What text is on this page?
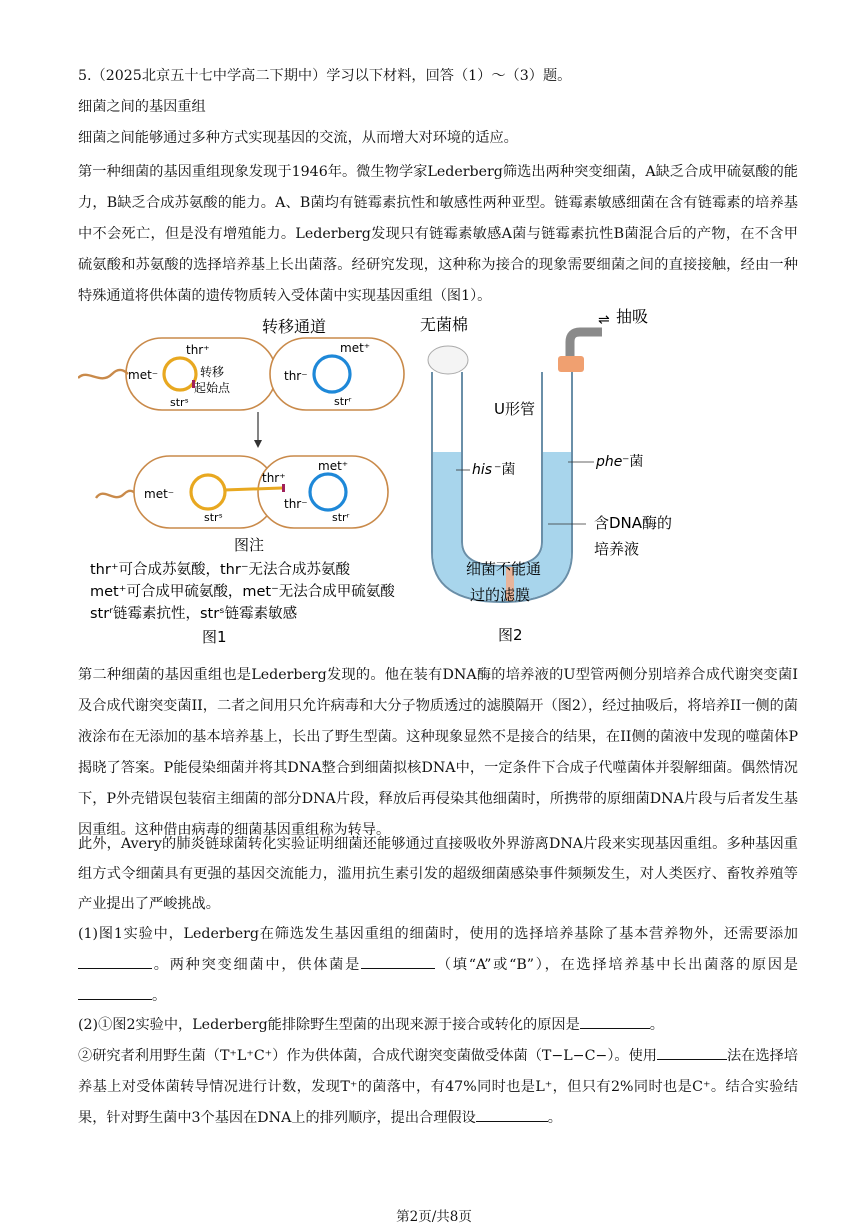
5.（2025北京五十七中学高二下期中）学习以下材料，回答（1）～（3）题。

细菌之间的基因重组

细菌之间能够通过多种方式实现基因的交流，从而增大对环境的适应。

第一种细菌的基因重组现象发现于1946年。微生物学家Lederberg筛选出两种突变细菌，A缺乏合成甲硫氨酸的能力，B缺乏合成苏氨酸的能力。A、B菌均有链霉素抗性和敏感性两种亚型。链霉素敏感细菌在含有链霉素的培养基中不会死亡，但是没有增殖能力。Lederberg发现只有链霉素敏感A菌与链霉素抗性B菌混合后的产物，在不含甲硫氨酸和苏氨酸的选择培养基上长出菌落。经研究发现，这种称为接合的现象需要细菌之间的直接接触，经由一种特殊通道将供体菌的遗传物质转入受体菌中实现基因重组（图1）。

转移通道
thr⁺
met⁻
strˢ
转移
起始点
met⁺
thr⁻
strʳ
met⁻
strˢ
thr⁺
thr⁻
met⁺
strʳ
图注
thr⁺可合成苏氨酸，thr⁻无法合成苏氨酸
met⁺可合成甲硫氨酸，met⁻无法合成甲硫氨酸
strʳ链霉素抗性，strˢ链霉素敏感
图1
无菌棉	抽吸
⇌
U形管
his ⁻菌	phe ⁻菌
含DNA酶的
培养液
细菌不能通
过的滤膜
图2

第二种细菌的基因重组也是Lederberg发现的。他在装有DNA酶的培养液的U型管两侧分别培养合成代谢突变菌I及合成代谢突变菌II，二者之间用只允许病毒和大分子物质透过的滤膜隔开（图2），经过抽吸后，将培养II一侧的菌液涂布在无添加的基本培养基上，长出了野生型菌。这种现象显然不是接合的结果，在II侧的菌液中发现的噬菌体P揭晓了答案。P能侵染细菌并将其DNA整合到细菌拟核DNA中，一定条件下合成子代噬菌体并裂解细菌。偶然情况下，P外壳错误包装宿主细菌的部分DNA片段，释放后再侵染其他细菌时，所携带的原细菌DNA片段与后者发生基因重组。这种借由病毒的细菌基因重组称为转导。

此外，Avery的肺炎链球菌转化实验证明细菌还能够通过直接吸收外界游离DNA片段来实现基因重组。多种基因重组方式令细菌具有更强的基因交流能力，滥用抗生素引发的超级细菌感染事件频频发生，对人类医疗、畜牧养殖等产业提出了严峻挑战。

(1)图1实验中，Lederberg在筛选发生基因重组的细菌时，使用的选择培养基除了基本营养物外，还需要添加。两种突变细菌中，供体菌是	（填“A”或“B”），在选择培养基中长出菌落的原因是。

(2)①图2实验中，Lederberg能排除野生型菌的出现来源于接合或转化的原因是	。

②研究者利用野生菌（T⁺L⁺C⁺）作为供体菌，合成代谢突变菌做受体菌（T−L−C−）。使用	法在选择培养基上对受体菌转导情况进行计数，发现T⁺的菌落中，有47%同时也是L⁺，但只有2%同时也是C⁺。结合实验结果，针对野生菌中3个基因在DNA上的排列顺序，提出合理假设	。

第2页/共8页
